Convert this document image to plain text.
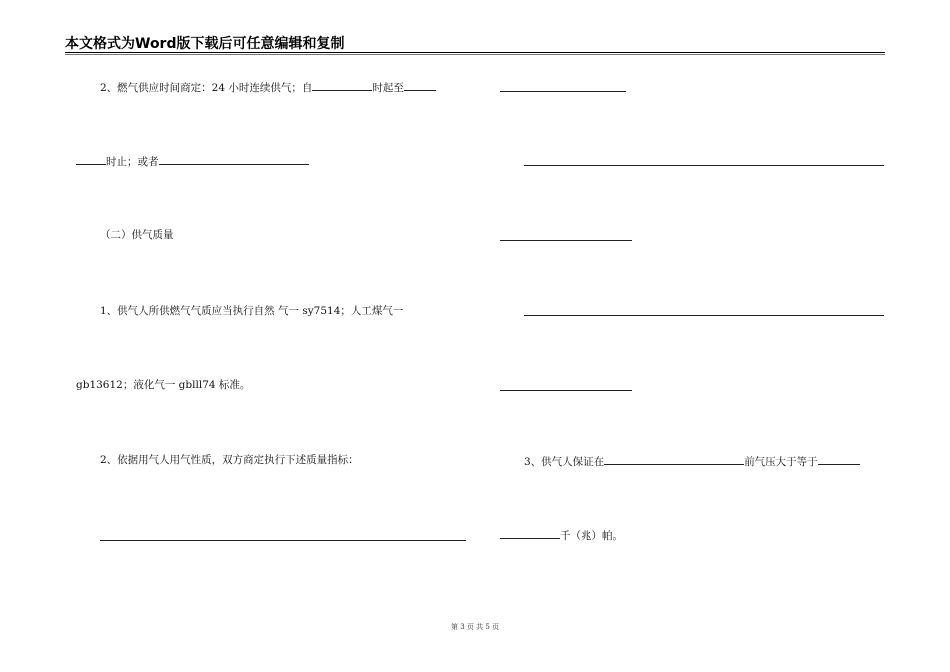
本文格式为Word版下载后可任意编辑和复制
2、燃气供应时间商定：24 小时连续供气；自	时起至
时止；或者
（二）供气质量
1、供气人所供燃气气质应当执行自然 气一 sy7514；人工煤气一
gb13612；液化气一 gblll74 标准。
2、依据用气人用气性质，双方商定执行下述质量指标：	3、供气人保证在	前气压大于等于
千（兆）帕。
第 3 页 共 5 页
